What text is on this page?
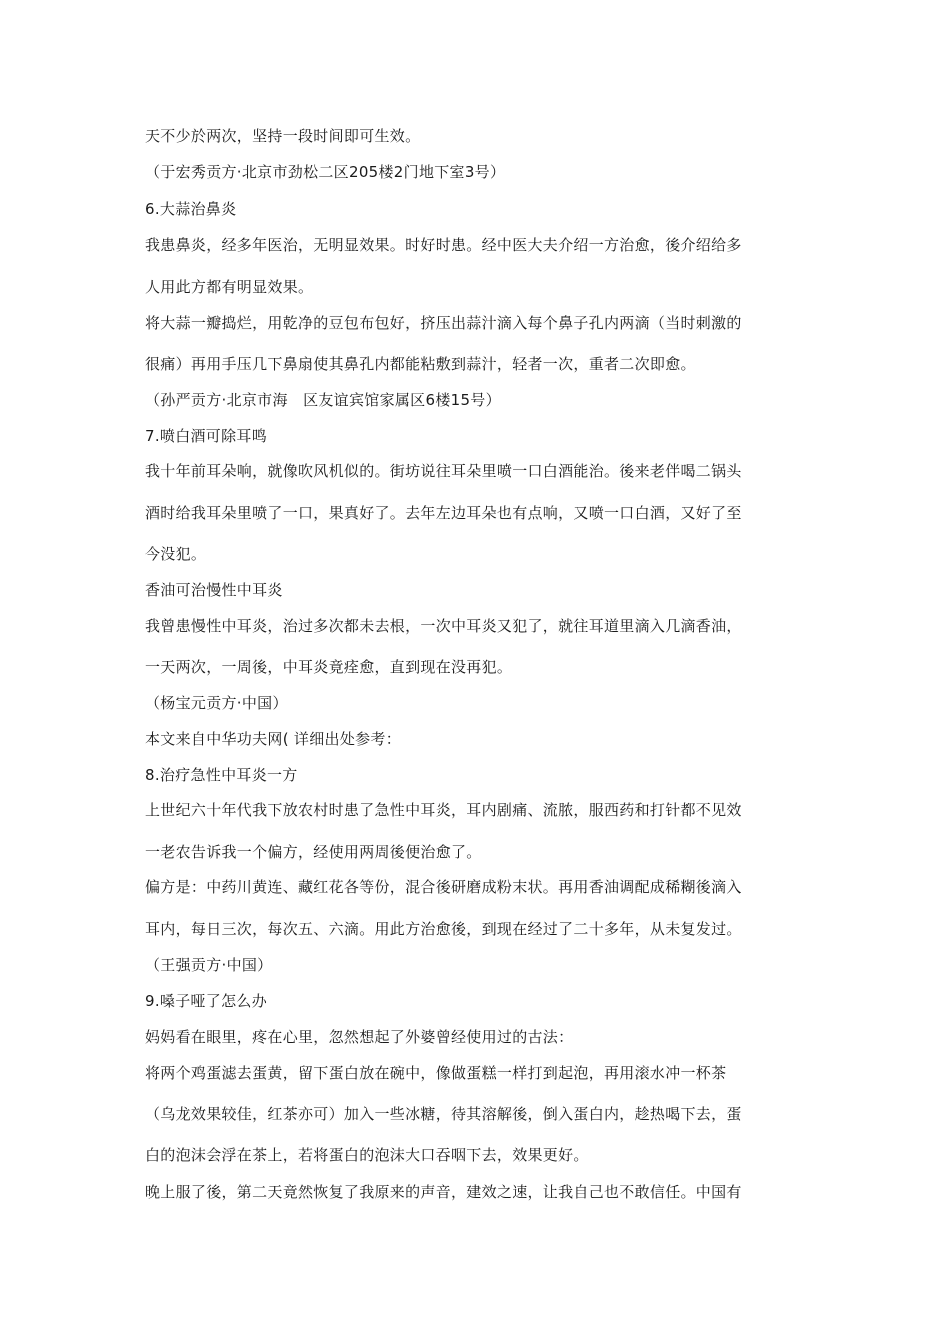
天不少於两次，坚持一段时间即可生效。
（于宏秀贡方·北京市劲松二区205楼2门地下室3号）
6.大蒜治鼻炎
我患鼻炎，经多年医治，无明显效果。时好时患。经中医大夫介绍一方治愈，後介绍给多
人用此方都有明显效果。
将大蒜一瓣捣烂，用乾净的豆包布包好，挤压出蒜汁滴入每个鼻子孔内两滴（当时刺激的
很痛）再用手压几下鼻扇使其鼻孔内都能粘敷到蒜汁，轻者一次，重者二次即愈。
（孙严贡方·北京市海　区友谊宾馆家属区6楼15号）
7.喷白酒可除耳鸣
我十年前耳朵响，就像吹风机似的。街坊说往耳朵里喷一口白酒能治。後来老伴喝二锅头
酒时给我耳朵里喷了一口，果真好了。去年左边耳朵也有点响，又喷一口白酒，又好了至
今没犯。
香油可治慢性中耳炎
我曾患慢性中耳炎，治过多次都未去根，一次中耳炎又犯了，就往耳道里滴入几滴香油，
一天两次，一周後，中耳炎竟痊愈，直到现在没再犯。
（杨宝元贡方·中国）
本文来自中华功夫网( 详细出处参考：
8.治疗急性中耳炎一方
上世纪六十年代我下放农村时患了急性中耳炎，耳内剧痛、流脓，服西药和打针都不见效
一老农告诉我一个偏方，经使用两周後便治愈了。
偏方是：中药川黄连、藏红花各等份，混合後研磨成粉末状。再用香油调配成稀糊後滴入
耳内，每日三次，每次五、六滴。用此方治愈後，到现在经过了二十多年，从未复发过。
（王强贡方·中国）
9.嗓子哑了怎么办
妈妈看在眼里，疼在心里，忽然想起了外婆曾经使用过的古法：
将两个鸡蛋滤去蛋黄，留下蛋白放在碗中，像做蛋糕一样打到起泡，再用滚水冲一杯茶
（乌龙效果较佳，红茶亦可）加入一些冰糖，待其溶解後，倒入蛋白内，趁热喝下去，蛋
白的泡沫会浮在茶上，若将蛋白的泡沫大口吞咽下去，效果更好。
晚上服了後，第二天竟然恢复了我原来的声音，建效之速，让我自己也不敢信任。中国有
